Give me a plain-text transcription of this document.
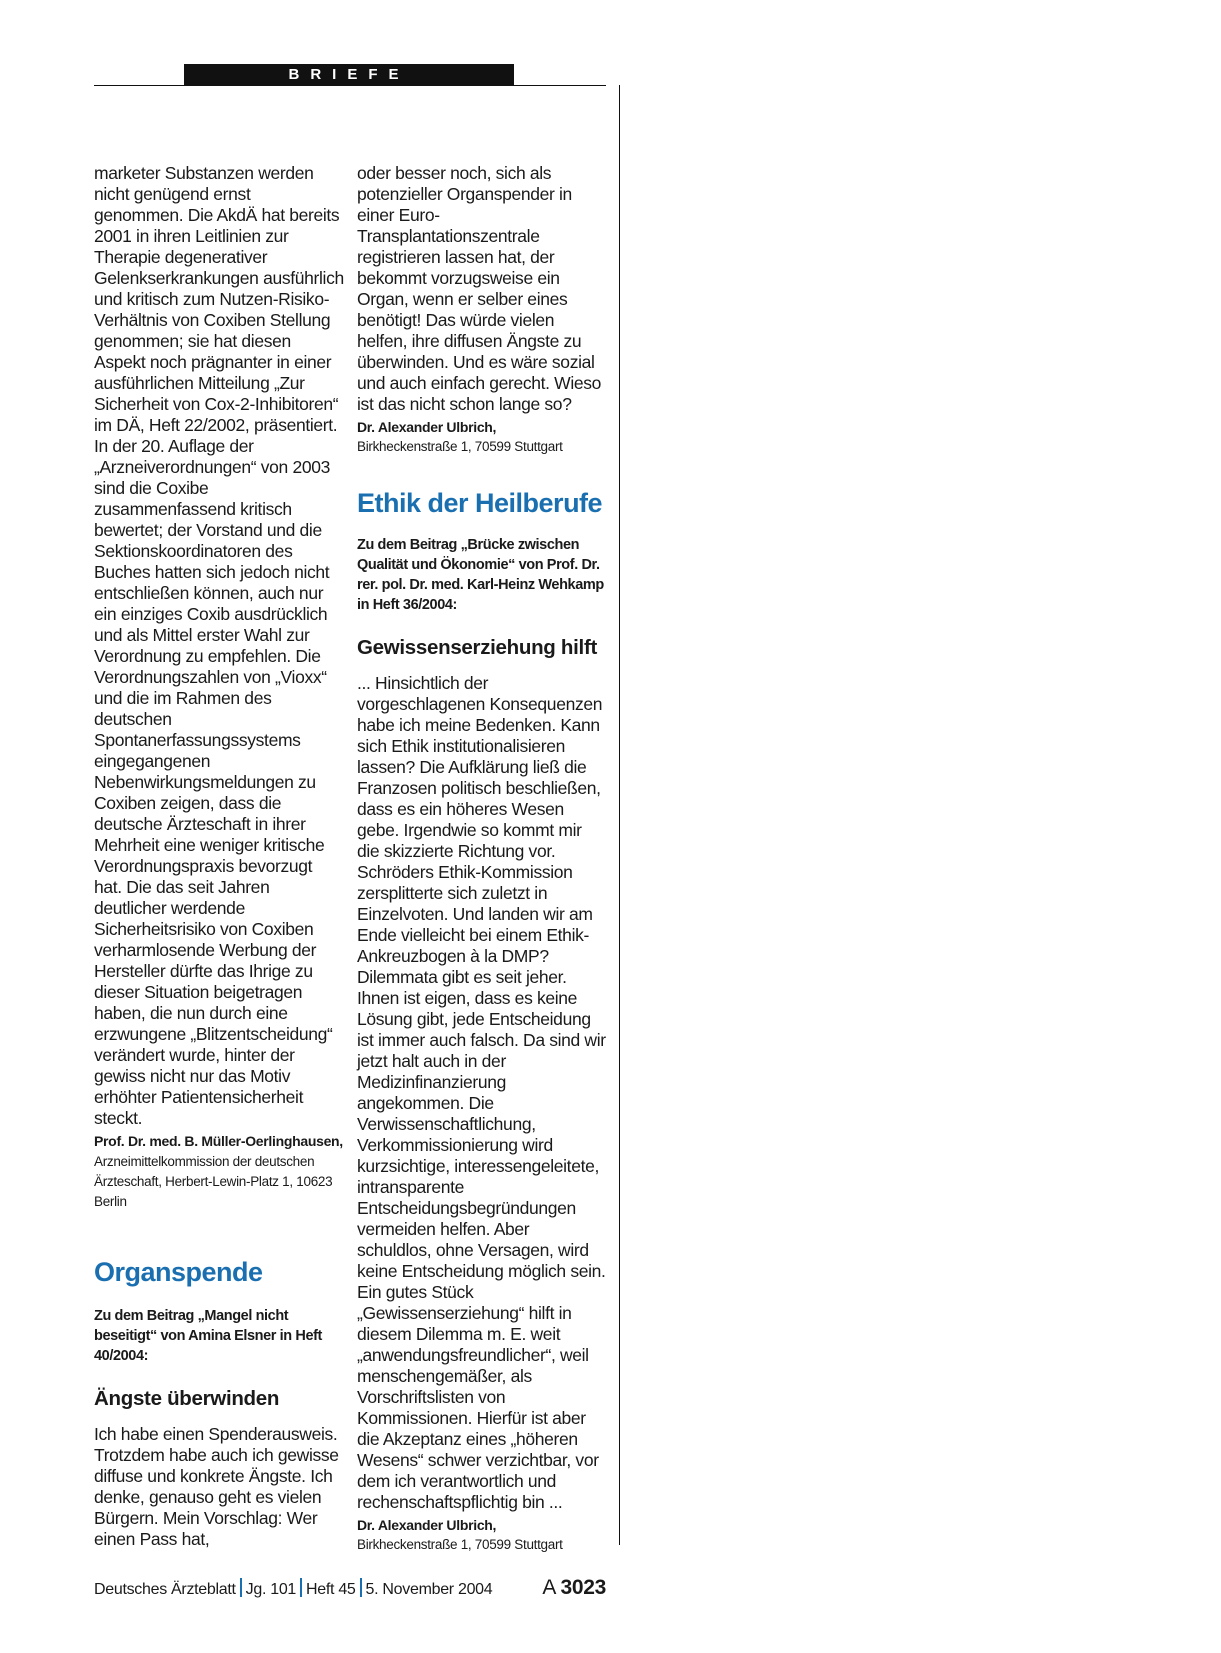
BRIEFE
marketer Substanzen werden nicht genügend ernst genommen. Die AkdÄ hat bereits 2001 in ihren Leitlinien zur Therapie degenerativer Gelenkserkrankungen ausführlich und kritisch zum Nutzen-Risiko-Verhältnis von Coxiben Stellung genommen; sie hat diesen Aspekt noch prägnanter in einer ausführlichen Mitteilung „Zur Sicherheit von Cox-2-Inhibitoren“ im DÄ, Heft 22/2002, präsentiert. In der 20. Auflage der „Arzneiverordnungen“ von 2003 sind die Coxibe zusammenfassend kritisch bewertet; der Vorstand und die Sektionskoordinatoren des Buches hatten sich jedoch nicht entschließen können, auch nur ein einziges Coxib ausdrücklich und als Mittel erster Wahl zur Verordnung zu empfehlen. Die Verordnungszahlen von „Vioxx“ und die im Rahmen des deutschen Spontanerfassungssystems eingegangenen Nebenwirkungsmeldungen zu Coxiben zeigen, dass die deutsche Ärzteschaft in ihrer Mehrheit eine weniger kritische Verordnungspraxis bevorzugt hat. Die das seit Jahren deutlicher werdende Sicherheitsrisiko von Coxiben verharmlosende Werbung der Hersteller dürfte das Ihrige zu dieser Situation beigetragen haben, die nun durch eine erzwungene „Blitzentscheidung“ verändert wurde, hinter der gewiss nicht nur das Motiv erhöhter Patientensicherheit steckt.
Prof. Dr. med. B. Müller-Oerlinghausen, Arzneimittelkommission der deutschen Ärzteschaft, Herbert-Lewin-Platz 1, 10623 Berlin
Organspende

Zu dem Beitrag „Mangel nicht beseitigt“ von Amina Elsner in Heft 40/2004:

Ängste überwinden
Ich habe einen Spenderausweis. Trotzdem habe auch ich gewisse diffuse und konkrete Ängste. Ich denke, genauso geht es vielen Bürgern. Mein Vorschlag: Wer einen Pass hat,
oder besser noch, sich als potenzieller Organspender in einer Euro-Transplantationszentrale registrieren lassen hat, der bekommt vorzugsweise ein Organ, wenn er selber eines benötigt! Das würde vielen helfen, ihre diffusen Ängste zu überwinden. Und es wäre sozial und auch einfach gerecht. Wieso ist das nicht schon lange so?
Dr. Alexander Ulbrich,
Birkheckenstraße 1, 70599 Stuttgart
Ethik der Heilberufe

Zu dem Beitrag „Brücke zwischen Qualität und Ökonomie“ von Prof. Dr. rer. pol. Dr. med. Karl-Heinz Wehkamp in Heft 36/2004:

Gewissenserziehung hilft
... Hinsichtlich der vorgeschlagenen Konsequenzen habe ich meine Bedenken. Kann sich Ethik institutionalisieren lassen? Die Aufklärung ließ die Franzosen politisch beschließen, dass es ein höheres Wesen gebe. Irgendwie so kommt mir die skizzierte Richtung vor. Schröders Ethik-Kommission zersplitterte sich zuletzt in Einzelvoten. Und landen wir am Ende vielleicht bei einem Ethik-Ankreuzbogen à la DMP? Dilemmata gibt es seit jeher. Ihnen ist eigen, dass es keine Lösung gibt, jede Entscheidung ist immer auch falsch. Da sind wir jetzt halt auch in der Medizinfinanzierung angekommen. Die Verwissenschaftlichung, Verkommissionierung wird kurzsichtige, interessengeleitete, intransparente Entscheidungsbegründungen vermeiden helfen. Aber schuldlos, ohne Versagen, wird keine Entscheidung möglich sein. Ein gutes Stück „Gewissenserziehung“ hilft in diesem Dilemma m. E. weit „anwendungsfreundlicher“, weil menschengemäßer, als Vorschriftslisten von Kommissionen. Hierfür ist aber die Akzeptanz eines „höheren Wesens“ schwer verzichtbar, vor dem ich verantwortlich und rechenschaftspflichtig bin ...
Dr. Alexander Ulbrich,
Birkheckenstraße 1, 70599 Stuttgart
Deutsches Ärzteblatt Jg. 101 Heft 45 5. November 2004 A 3023
